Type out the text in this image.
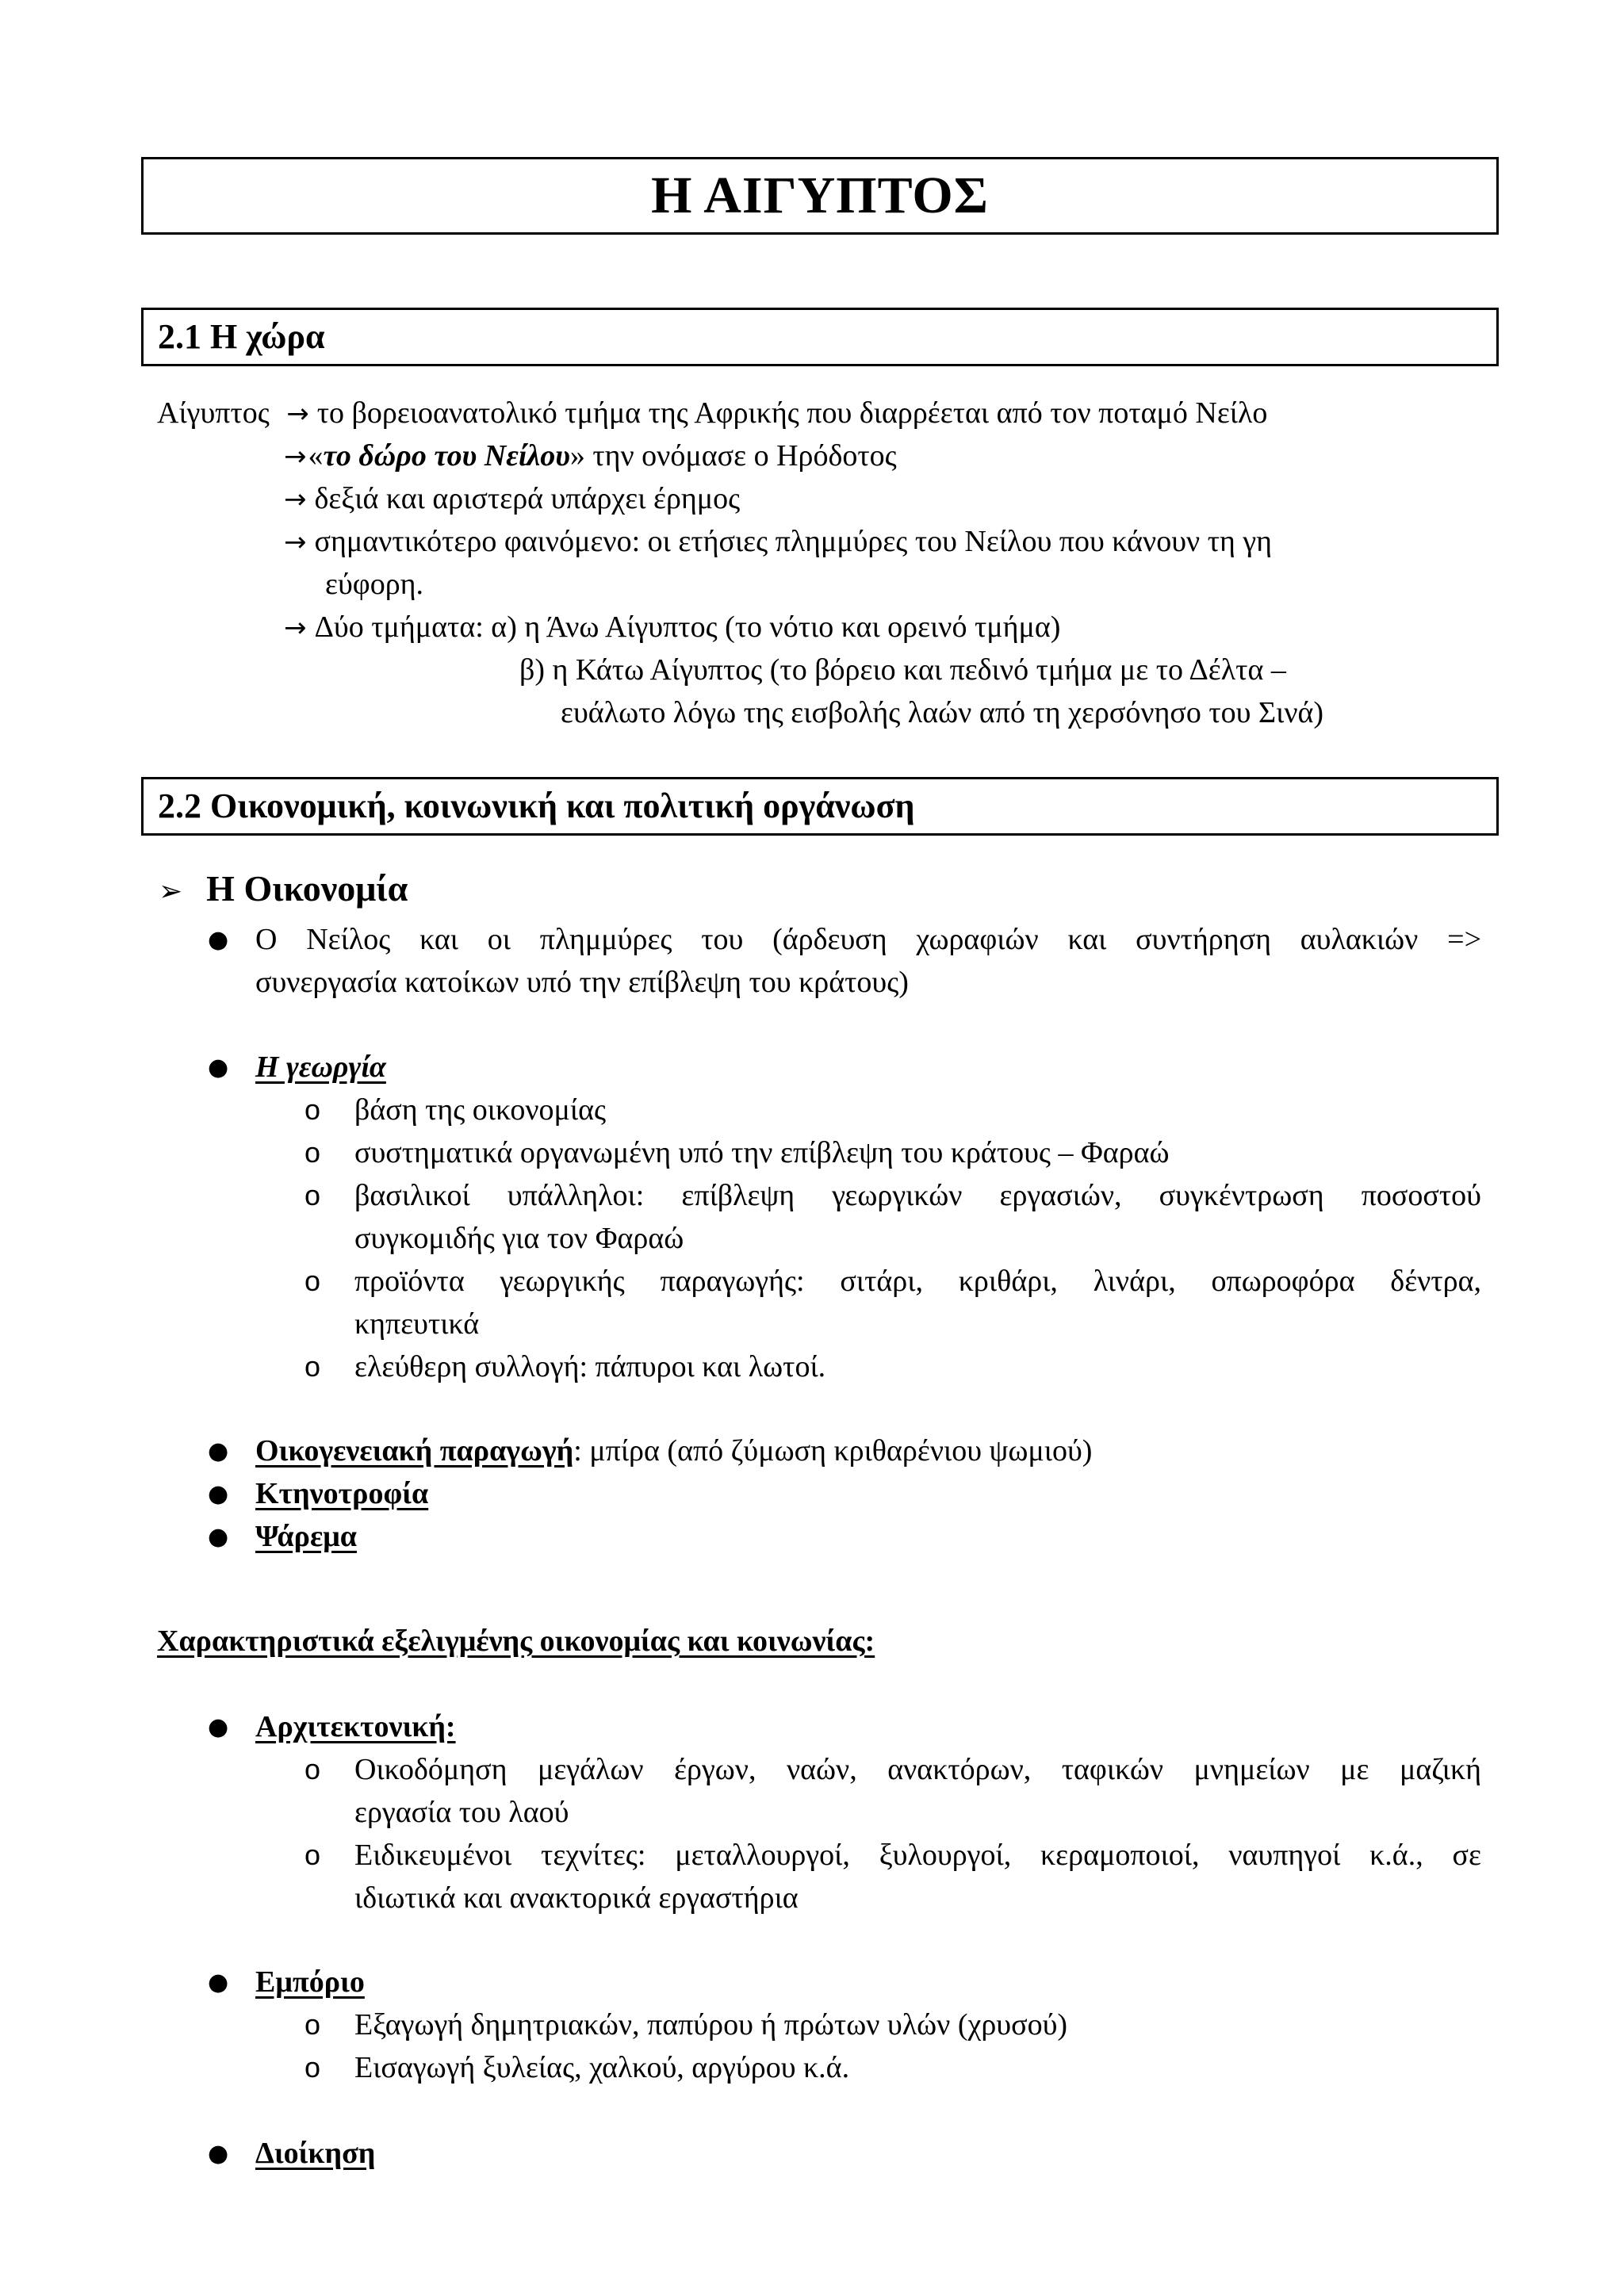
Η ΑΙΓΥΠΤΟΣ
2.1 Η χώρα
Αίγυπτος → το βορειοανατολικό τμήμα της Αφρικής που διαρρέεται από τον ποταμό Νείλο
→«το δώρο του Νείλου» την ονόμασε ο Ηρόδοτος
→ δεξιά και αριστερά υπάρχει έρημος
→ σημαντικότερο φαινόμενο: οι ετήσιες πλημμύρες του Νείλου που κάνουν τη γη
εύφορη.
→ Δύο τμήματα: α) η Άνω Αίγυπτος (το νότιο και ορεινό τμήμα)
β) η Κάτω Αίγυπτος (το βόρειο και πεδινό τμήμα με το Δέλτα –
ευάλωτο λόγω της εισβολής λαών από τη χερσόνησο του Σινά)
2.2 Οικονομική, κοινωνική και πολιτική οργάνωση
➢ Η Οικονομία
● Ο Νείλος και οι πλημμύρες του (άρδευση χωραφιών και συντήρηση αυλακιών =>
συνεργασία κατοίκων υπό την επίβλεψη του κράτους)
● Η γεωργία
o βάση της οικονομίας
o συστηματικά οργανωμένη υπό την επίβλεψη του κράτους – Φαραώ
o βασιλικοί υπάλληλοι: επίβλεψη γεωργικών εργασιών, συγκέντρωση ποσοστού
συγκομιδής για τον Φαραώ
o προϊόντα γεωργικής παραγωγής: σιτάρι, κριθάρι, λινάρι, οπωροφόρα δέντρα,
κηπευτικά
o ελεύθερη συλλογή: πάπυροι και λωτοί.
● Οικογενειακή παραγωγή: μπίρα (από ζύμωση κριθαρένιου ψωμιού)
● Κτηνοτροφία
● Ψάρεμα
Χαρακτηριστικά εξελιγμένης οικονομίας και κοινωνίας:
● Αρχιτεκτονική:
o Οικοδόμηση μεγάλων έργων, ναών, ανακτόρων, ταφικών μνημείων με μαζική
εργασία του λαού
o Ειδικευμένοι τεχνίτες: μεταλλουργοί, ξυλουργοί, κεραμοποιοί, ναυπηγοί κ.ά., σε
ιδιωτικά και ανακτορικά εργαστήρια
● Εμπόριο
o Εξαγωγή δημητριακών, παπύρου ή πρώτων υλών (χρυσού)
o Εισαγωγή ξυλείας, χαλκού, αργύρου κ.ά.
● Διοίκηση
